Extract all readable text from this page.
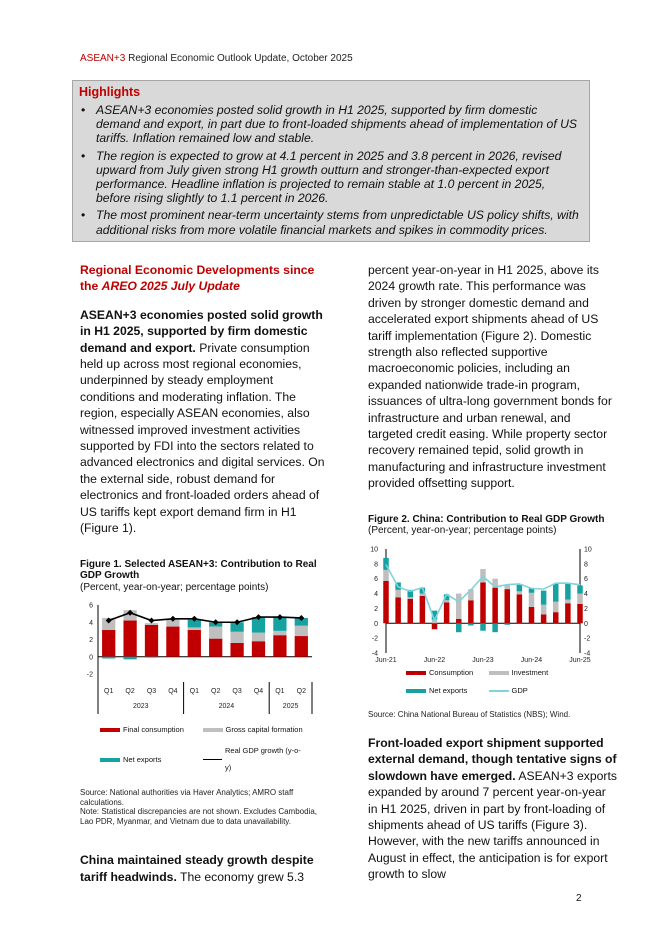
ASEAN+3 Regional Economic Outlook Update, October 2025
Highlights
• ASEAN+3 economies posted solid growth in H1 2025, supported by firm domestic demand and export, in part due to front-loaded shipments ahead of implementation of US tariffs. Inflation remained low and stable.
• The region is expected to grow at 4.1 percent in 2025 and 3.8 percent in 2026, revised upward from July given strong H1 growth outturn and stronger-than-expected export performance. Headline inflation is projected to remain stable at 1.0 percent in 2025, before rising slightly to 1.1 percent in 2026.
• The most prominent near-term uncertainty stems from unpredictable US policy shifts, with additional risks from more volatile financial markets and spikes in commodity prices.
Regional Economic Developments since the AREO 2025 July Update

ASEAN+3 economies posted solid growth in H1 2025, supported by firm domestic demand and export. Private consumption held up across most regional economies, underpinned by steady employment conditions and moderating inflation. The region, especially ASEAN economies, also witnessed improved investment activities supported by FDI into the sectors related to advanced electronics and digital services. On the external side, robust demand for electronics and front-loaded orders ahead of US tariffs kept export demand firm in H1 (Figure 1).

Figure 1. Selected ASEAN+3: Contribution to Real GDP Growth
(Percent, year-on-year; percentage points)
-2
0
2
4
6
Q1 Q2 Q3 Q4 Q1 Q2 Q3 Q4 Q1 Q2
2023	2024	2025
Final consumption	Gross capital formation
Net exports
Real GDP growth (y-o-y)
Source: National authorities via Haver Analytics; AMRO staff calculations.
Note: Statistical discrepancies are not shown. Excludes Cambodia, Lao PDR, Myanmar, and Vietnam due to data unavailability.

China maintained steady growth despite tariff headwinds. The economy grew 5.3

percent year-on-year in H1 2025, above its 2024 growth rate. This performance was driven by stronger domestic demand and accelerated export shipments ahead of US tariff implementation (Figure 2). Domestic strength also reflected supportive macroeconomic policies, including an expanded nationwide trade-in program, issuances of ultra-long government bonds for infrastructure and urban renewal, and targeted credit easing. While property sector recovery remained tepid, solid growth in manufacturing and infrastructure investment provided offsetting support.

Figure 2. China: Contribution to Real GDP Growth
(Percent, year-on-year; percentage points)
-4	-4
-2	-2
0	0
2	2
4	4
6	6
8	8
10	10
Jun-21	Jun-22	Jun-23	Jun-24	Jun-25
Consumption	Investment
Net exports	GDP
Source: China National Bureau of Statistics (NBS); Wind.

Front-loaded export shipment supported external demand, though tentative signs of slowdown have emerged. ASEAN+3 exports expanded by around 7 percent year-on-year in H1 2025, driven in part by front-loading of shipments ahead of US tariffs (Figure 3). However, with the new tariffs announced in August in effect, the anticipation is for export growth to slow

2
